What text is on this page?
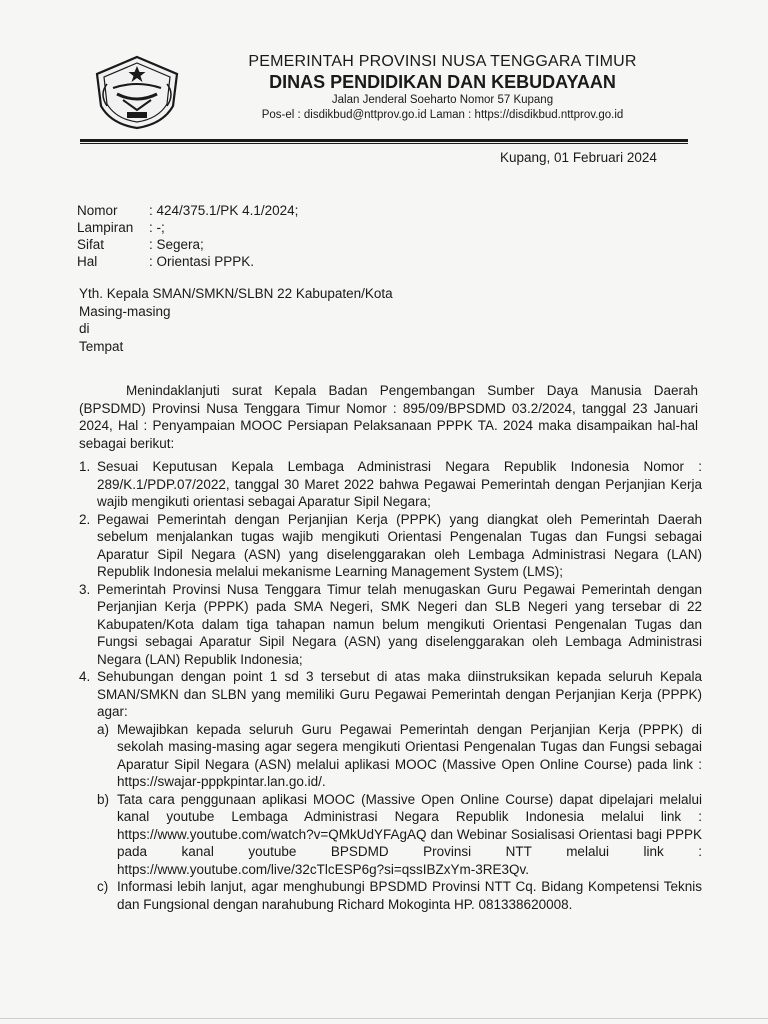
PEMERINTAH PROVINSI NUSA TENGGARA TIMUR
DINAS PENDIDIKAN DAN KEBUDAYAAN
Jalan Jenderal Soeharto Nomor 57 Kupang
Pos-el : disdikbud@nttprov.go.id Laman : https://disdikbud.nttprov.go.id
Kupang, 01 Februari 2024
Nomor	: 424/375.1/PK 4.1/2024;
Lampiran	: -;
Sifat	: Segera;
Hal	: Orientasi PPPK.
Yth. Kepala SMAN/SMKN/SLBN 22 Kabupaten/Kota
Masing-masing
di
Tempat
Menindaklanjuti surat Kepala Badan Pengembangan Sumber Daya Manusia Daerah (BPSDMD) Provinsi Nusa Tenggara Timur Nomor : 895/09/BPSDMD 03.2/2024, tanggal 23 Januari 2024, Hal : Penyampaian MOOC Persiapan Pelaksanaan PPPK TA. 2024 maka disampaikan hal-hal sebagai berikut:
1. Sesuai Keputusan Kepala Lembaga Administrasi Negara Republik Indonesia Nomor : 289/K.1/PDP.07/2022, tanggal 30 Maret 2022 bahwa Pegawai Pemerintah dengan Perjanjian Kerja wajib mengikuti orientasi sebagai Aparatur Sipil Negara;
2. Pegawai Pemerintah dengan Perjanjian Kerja (PPPK) yang diangkat oleh Pemerintah Daerah sebelum menjalankan tugas wajib mengikuti Orientasi Pengenalan Tugas dan Fungsi sebagai Aparatur Sipil Negara (ASN) yang diselenggarakan oleh Lembaga Administrasi Negara (LAN) Republik Indonesia melalui mekanisme Learning Management System (LMS);
3. Pemerintah Provinsi Nusa Tenggara Timur telah menugaskan Guru Pegawai Pemerintah dengan Perjanjian Kerja (PPPK) pada SMA Negeri, SMK Negeri dan SLB Negeri yang tersebar di 22 Kabupaten/Kota dalam tiga tahapan namun belum mengikuti Orientasi Pengenalan Tugas dan Fungsi sebagai Aparatur Sipil Negara (ASN) yang diselenggarakan oleh Lembaga Administrasi Negara (LAN) Republik Indonesia;
4. Sehubungan dengan point 1 sd 3 tersebut di atas maka diinstruksikan kepada seluruh Kepala SMAN/SMKN dan SLBN yang memiliki Guru Pegawai Pemerintah dengan Perjanjian Kerja (PPPK) agar:
a) Mewajibkan kepada seluruh Guru Pegawai Pemerintah dengan Perjanjian Kerja (PPPK) di sekolah masing-masing agar segera mengikuti Orientasi Pengenalan Tugas dan Fungsi sebagai Aparatur Sipil Negara (ASN) melalui aplikasi MOOC (Massive Open Online Course) pada link : https://swajar-pppkpintar.lan.go.id/.
b) Tata cara penggunaan aplikasi MOOC (Massive Open Online Course) dapat dipelajari melalui kanal youtube Lembaga Administrasi Negara Republik Indonesia melalui link : https://www.youtube.com/watch?v=QMkUdYFAgAQ dan Webinar Sosialisasi Orientasi bagi PPPK pada kanal youtube BPSDMD Provinsi NTT melalui link : https://www.youtube.com/live/32cTlcESP6g?si=qssIBZxYm-3RE3Qv.
c) Informasi lebih lanjut, agar menghubungi BPSDMD Provinsi NTT Cq. Bidang Kompetensi Teknis dan Fungsional dengan narahubung Richard Mokoginta HP. 081338620008.
